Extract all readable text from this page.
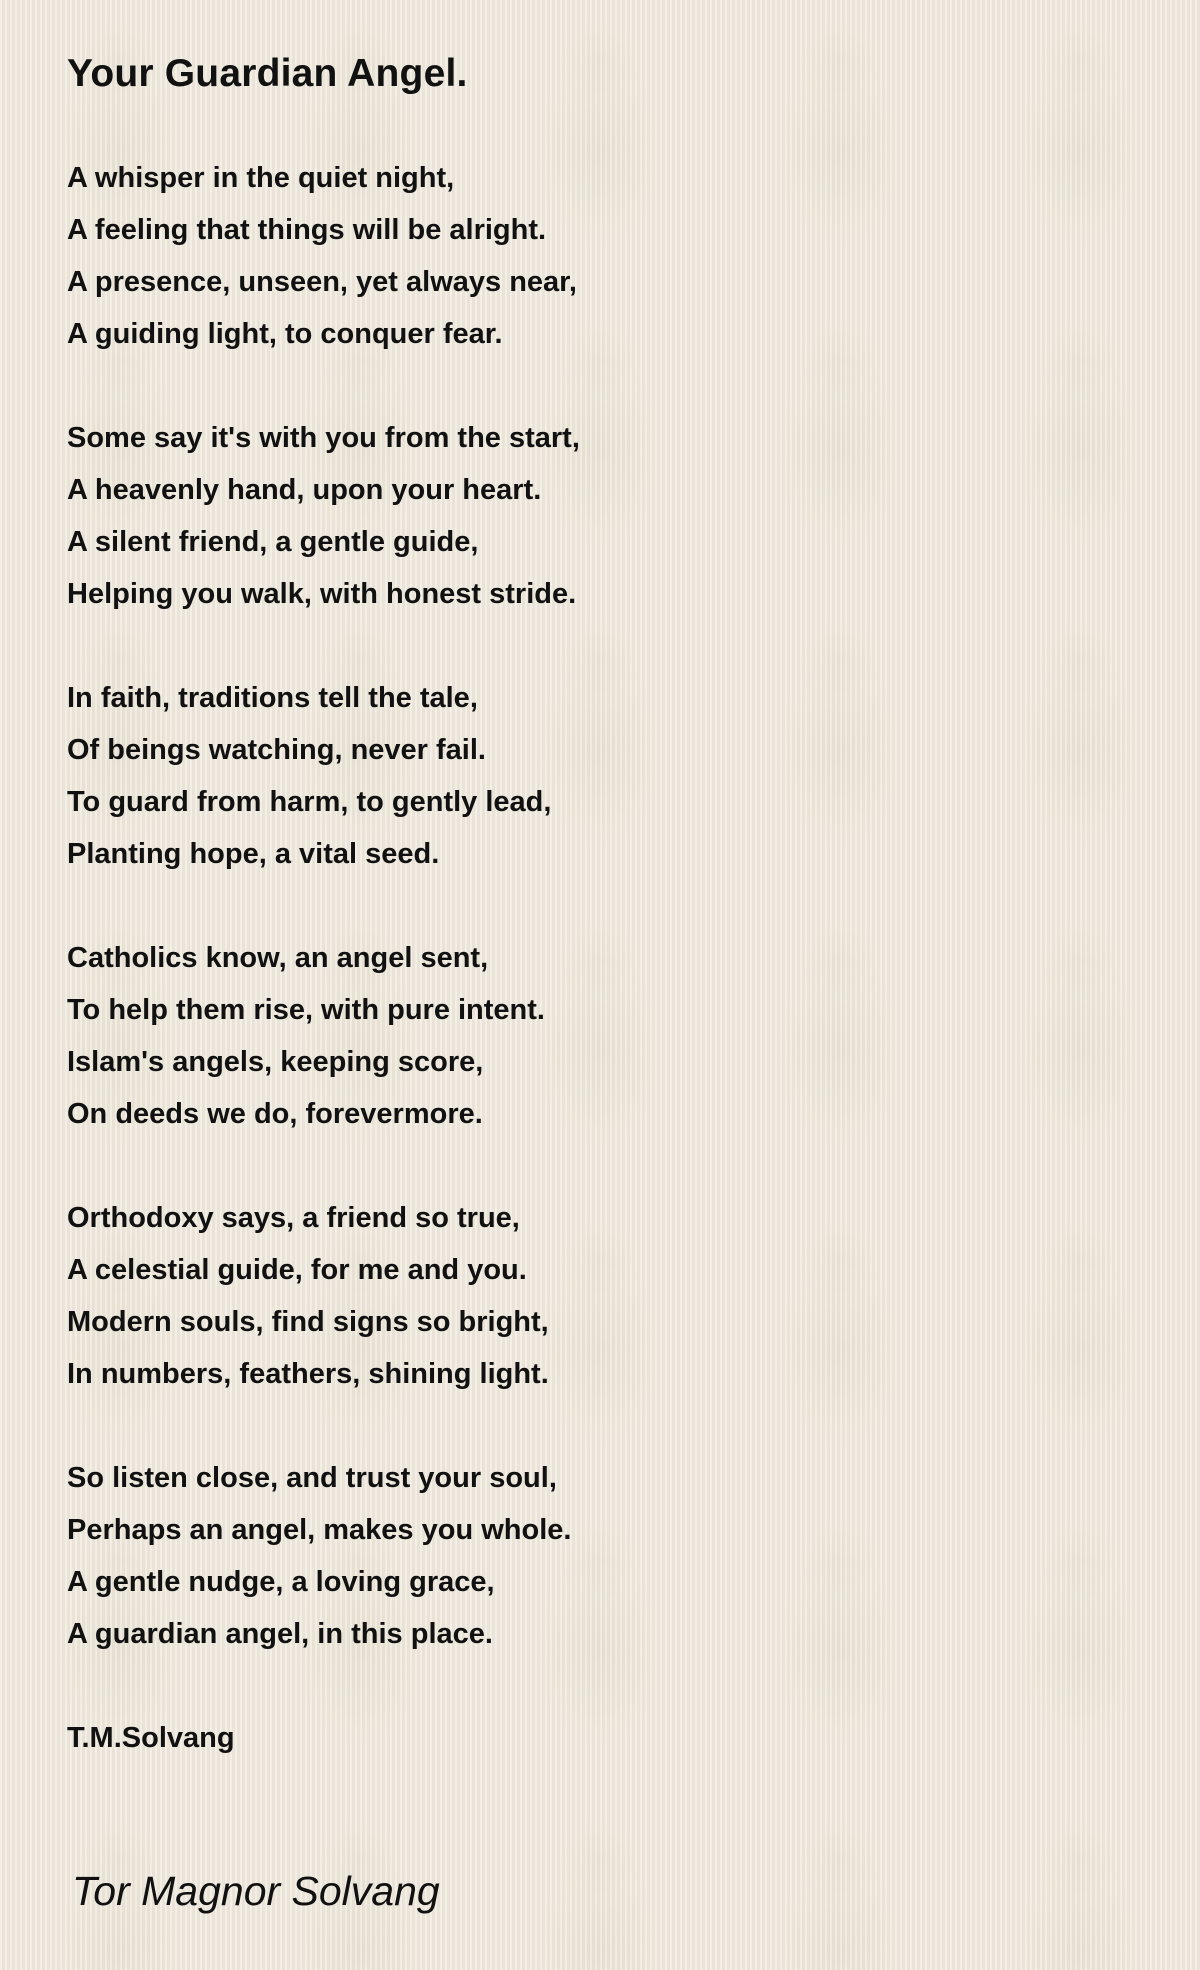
Your Guardian Angel.
A whisper in the quiet night,
A feeling that things will be alright.
A presence, unseen, yet always near,
A guiding light, to conquer fear.
Some say it's with you from the start,
A heavenly hand, upon your heart.
A silent friend, a gentle guide,
Helping you walk, with honest stride.
In faith, traditions tell the tale,
Of beings watching, never fail.
To guard from harm, to gently lead,
Planting hope, a vital seed.
Catholics know, an angel sent,
To help them rise, with pure intent.
Islam's angels, keeping score,
On deeds we do, forevermore.
Orthodoxy says, a friend so true,
A celestial guide, for me and you.
Modern souls, find signs so bright,
In numbers, feathers, shining light.
So listen close, and trust your soul,
Perhaps an angel, makes you whole.
A gentle nudge, a loving grace,
A guardian angel, in this place.
T.M.Solvang
Tor Magnor Solvang
